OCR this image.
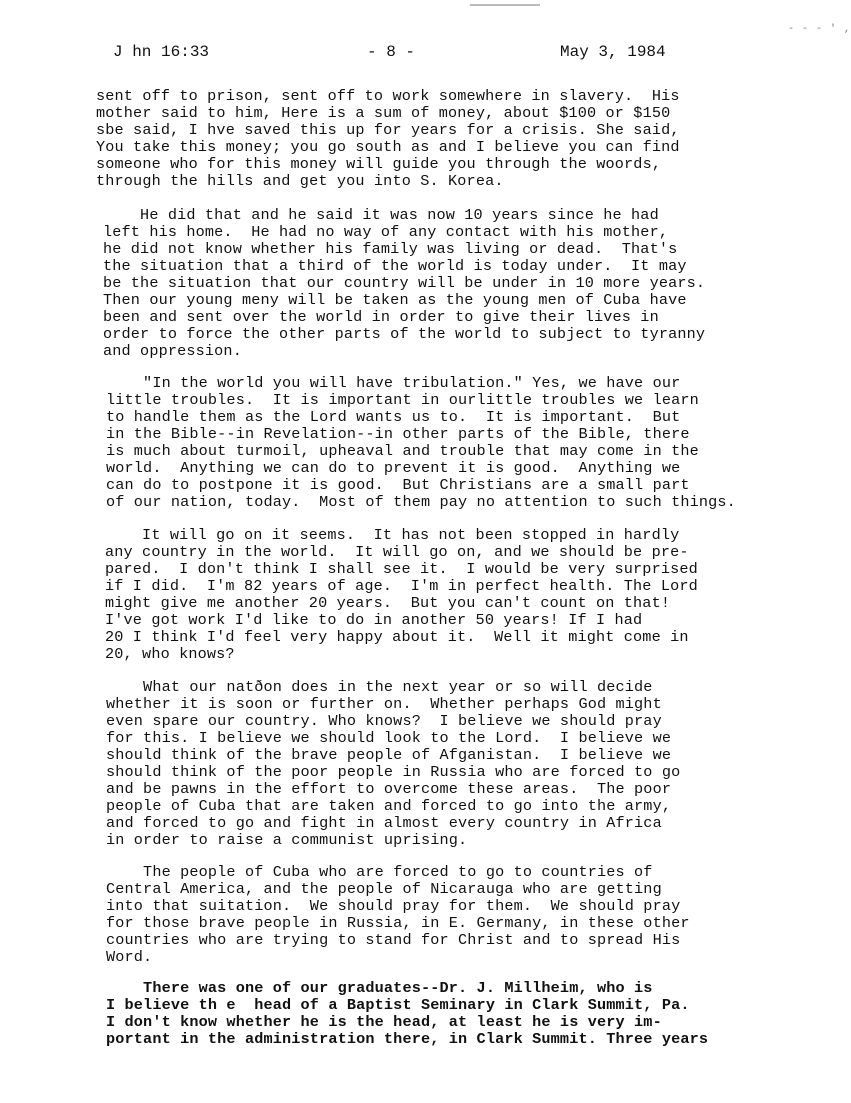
- - - ' ,
J hn 16:33	- 8 -	May 3, 1984
sent off to prison, sent off to work somewhere in slavery.  His
mother said to him, Here is a sum of money, about $100 or $150
sbe said, I hve saved this up for years for a crisis. She said,
You take this money; you go south as and I believe you can find
someone who for this money will guide you through the woords,
through the hills and get you into S. Korea.
He did that and he said it was now 10 years since he had
left his home.  He had no way of any contact with his mother,
he did not know whether his family was living or dead.  That's
the situation that a third of the world is today under.  It may
be the situation that our country will be under in 10 more years.
Then our young meny will be taken as the young men of Cuba have
been and sent over the world in order to give their lives in
order to force the other parts of the world to subject to tyranny
and oppression.
"In the world you will have tribulation." Yes, we have our
little troubles.  It is important in ourlittle troubles we learn
to handle them as the Lord wants us to.  It is important.  But
in the Bible--in Revelation--in other parts of the Bible, there
is much about turmoil, upheaval and trouble that may come in the
world.  Anything we can do to prevent it is good.  Anything we
can do to postpone it is good.  But Christians are a small part
of our nation, today.  Most of them pay no attention to such things.
It will go on it seems.  It has not been stopped in hardly
any country in the world.  It will go on, and we should be pre-
pared.  I don't think I shall see it.  I would be very surprised
if I did.  I'm 82 years of age.  I'm in perfect health. The Lord
might give me another 20 years.  But you can't count on that!
I've got work I'd like to do in another 50 years! If I had
20 I think I'd feel very happy about it.  Well it might come in
20, who knows?
What our natðon does in the next year or so will decide
whether it is soon or further on.  Whether perhaps God might
even spare our country. Who knows?  I believe we should pray
for this. I believe we should look to the Lord.  I believe we
should think of the brave people of Afganistan.  I believe we
should think of the poor people in Russia who are forced to go
and be pawns in the effort to overcome these areas.  The poor
people of Cuba that are taken and forced to go into the army,
and forced to go and fight in almost every country in Africa
in order to raise a communist uprising.
The people of Cuba who are forced to go to countries of
Central America, and the people of Nicarauga who are getting
into that suitation.  We should pray for them.  We should pray
for those brave people in Russia, in E. Germany, in these other
countries who are trying to stand for Christ and to spread His
Word.
There was one of our graduates--Dr. J. Millheim, who is
I believe th e  head of a Baptist Seminary in Clark Summit, Pa.
I don't know whether he is the head, at least he is very im-
portant in the administration there, in Clark Summit. Three years
